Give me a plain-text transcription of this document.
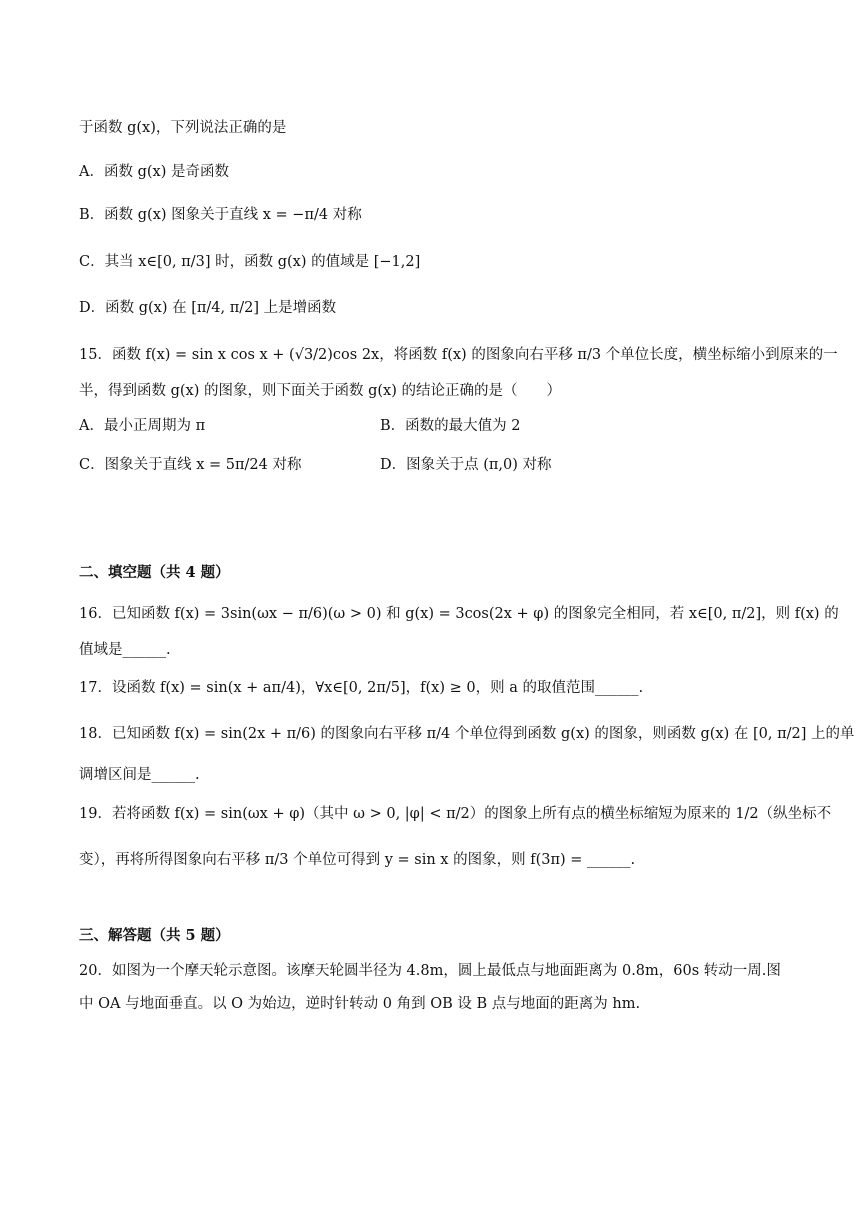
于函数 g(x)，下列说法正确的是
A．函数 g(x) 是奇函数
B．函数 g(x) 图象关于直线 x = −π/4 对称
C．其当 x∈[0, π/3] 时，函数 g(x) 的值域是 [−1,2]
D．函数 g(x) 在 [π/4, π/2] 上是增函数
15．函数 f(x) = sin x cos x + (√3/2)cos 2x，将函数 f(x) 的图象向右平移 π/3 个单位长度，横坐标缩小到原来的一
半，得到函数 g(x) 的图象，则下面关于函数 g(x) 的结论正确的是（　　）
A．最小正周期为 π	B．函数的最大值为 2
C．图象关于直线 x = 5π/24 对称	D．图象关于点 (π,0) 对称
二、填空题（共 4 题）
16．已知函数 f(x) = 3sin(ωx − π/6)(ω > 0) 和 g(x) = 3cos(2x + φ) 的图象完全相同，若 x∈[0, π/2]，则 f(x) 的
值域是______.
17．设函数 f(x) = sin(x + aπ/4)，∀x∈[0, 2π/5]，f(x) ≥ 0，则 a 的取值范围______.
18．已知函数 f(x) = sin(2x + π/6) 的图象向右平移 π/4 个单位得到函数 g(x) 的图象，则函数 g(x) 在 [0, π/2] 上的单
调增区间是______.
19．若将函数 f(x) = sin(ωx + φ)（其中 ω > 0, |φ| < π/2）的图象上所有点的横坐标缩短为原来的 1/2（纵坐标不
变），再将所得图象向右平移 π/3 个单位可得到 y = sin x 的图象，则 f(3π) = ______.
三、解答题（共 5 题）
20．如图为一个摩天轮示意图。该摩天轮圆半径为 4.8m，圆上最低点与地面距离为 0.8m，60s 转动一周.图
中 OA 与地面垂直。以 O 为始边，逆时针转动 0 角到 OB 设 B 点与地面的距离为 hm.
